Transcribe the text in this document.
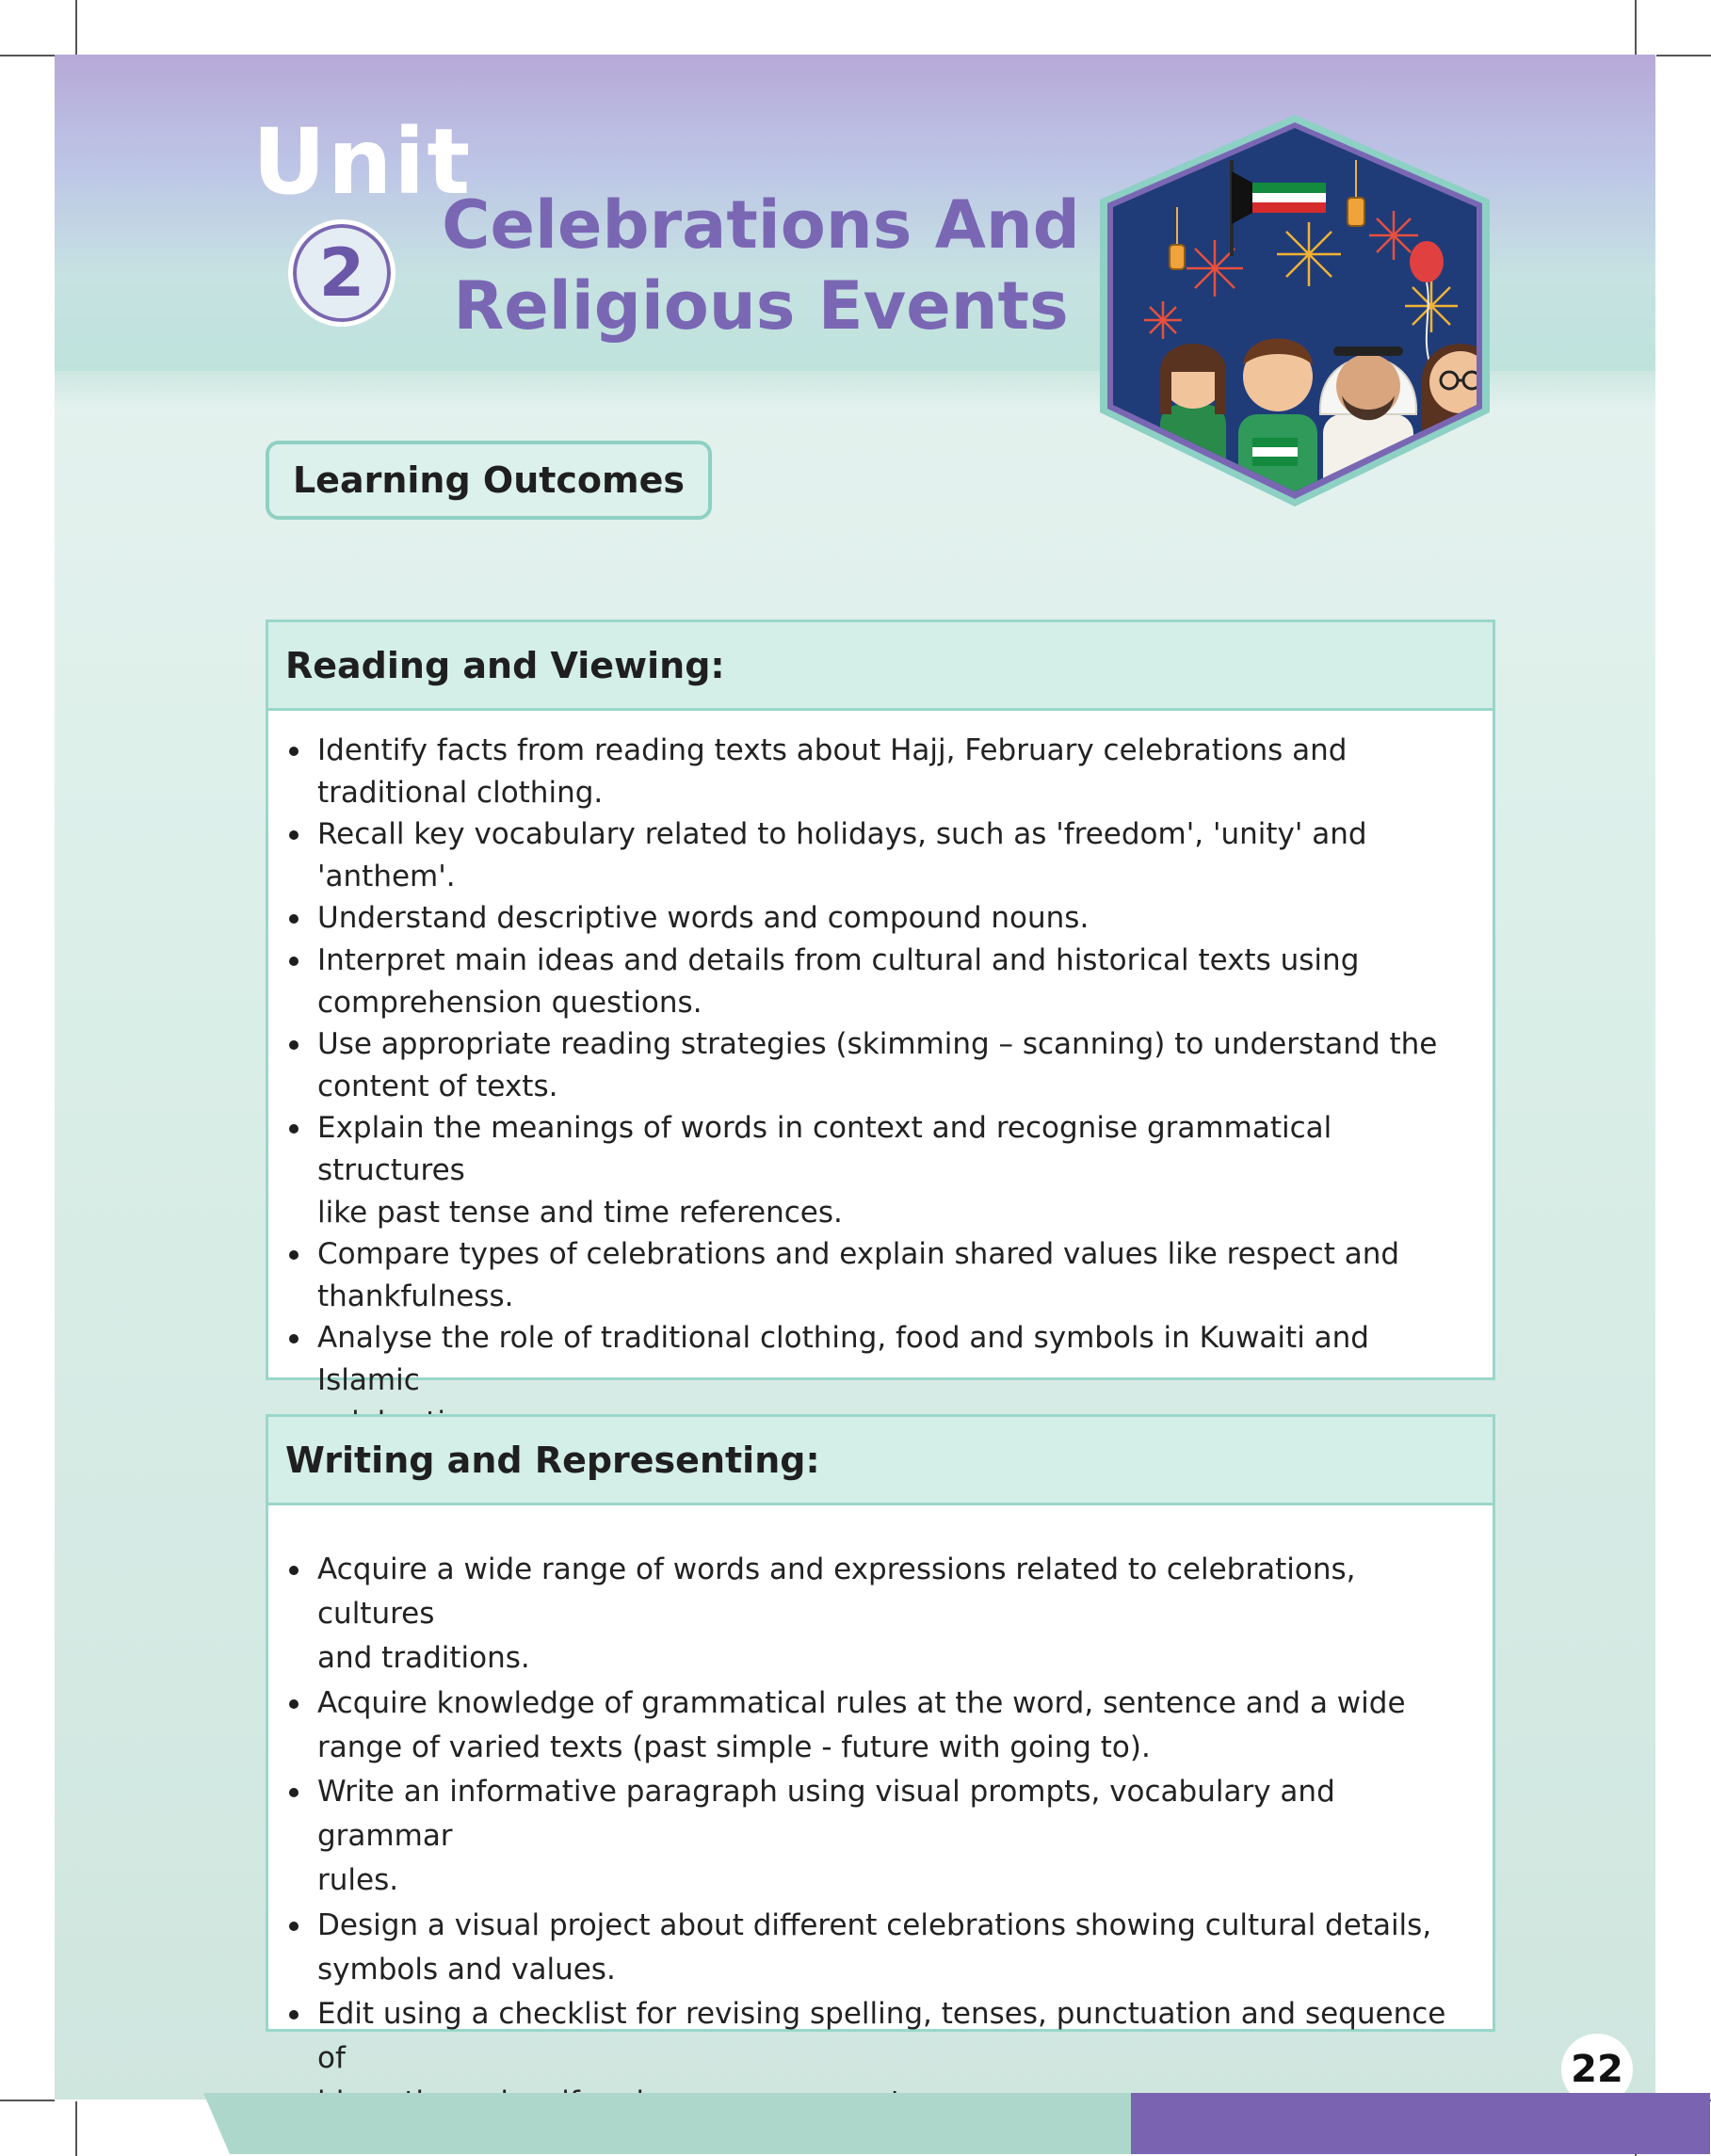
Unit
2
Celebrations And
Religious Events
Learning Outcomes
Reading and Viewing:
Identify facts from reading texts about Hajj, February celebrations and
traditional clothing.
Recall key vocabulary related to holidays, such as 'freedom', 'unity' and
'anthem'.
Understand descriptive words and compound nouns.
Interpret main ideas and details from cultural and historical texts using
comprehension questions.
Use appropriate reading strategies (skimming – scanning) to understand the
content of texts.
Explain the meanings of words in context and recognise grammatical structures
like past tense and time references.
Compare types of celebrations and explain shared values like respect and
thankfulness.
Analyse the role of traditional clothing, food and symbols in Kuwaiti and Islamic
Writing and Representing:
Acquire a wide range of words and expressions related to celebrations, cultures
and traditions.
Acquire knowledge of grammatical rules at the word, sentence and a wide
range of varied texts (past simple - future with going to).
Write an informative paragraph using visual prompts, vocabulary and grammar
rules.
Design a visual project about different celebrations showing cultural details,
symbols and values.
Edit using a checklist for revising spelling, tenses, punctuation and sequence of	22
